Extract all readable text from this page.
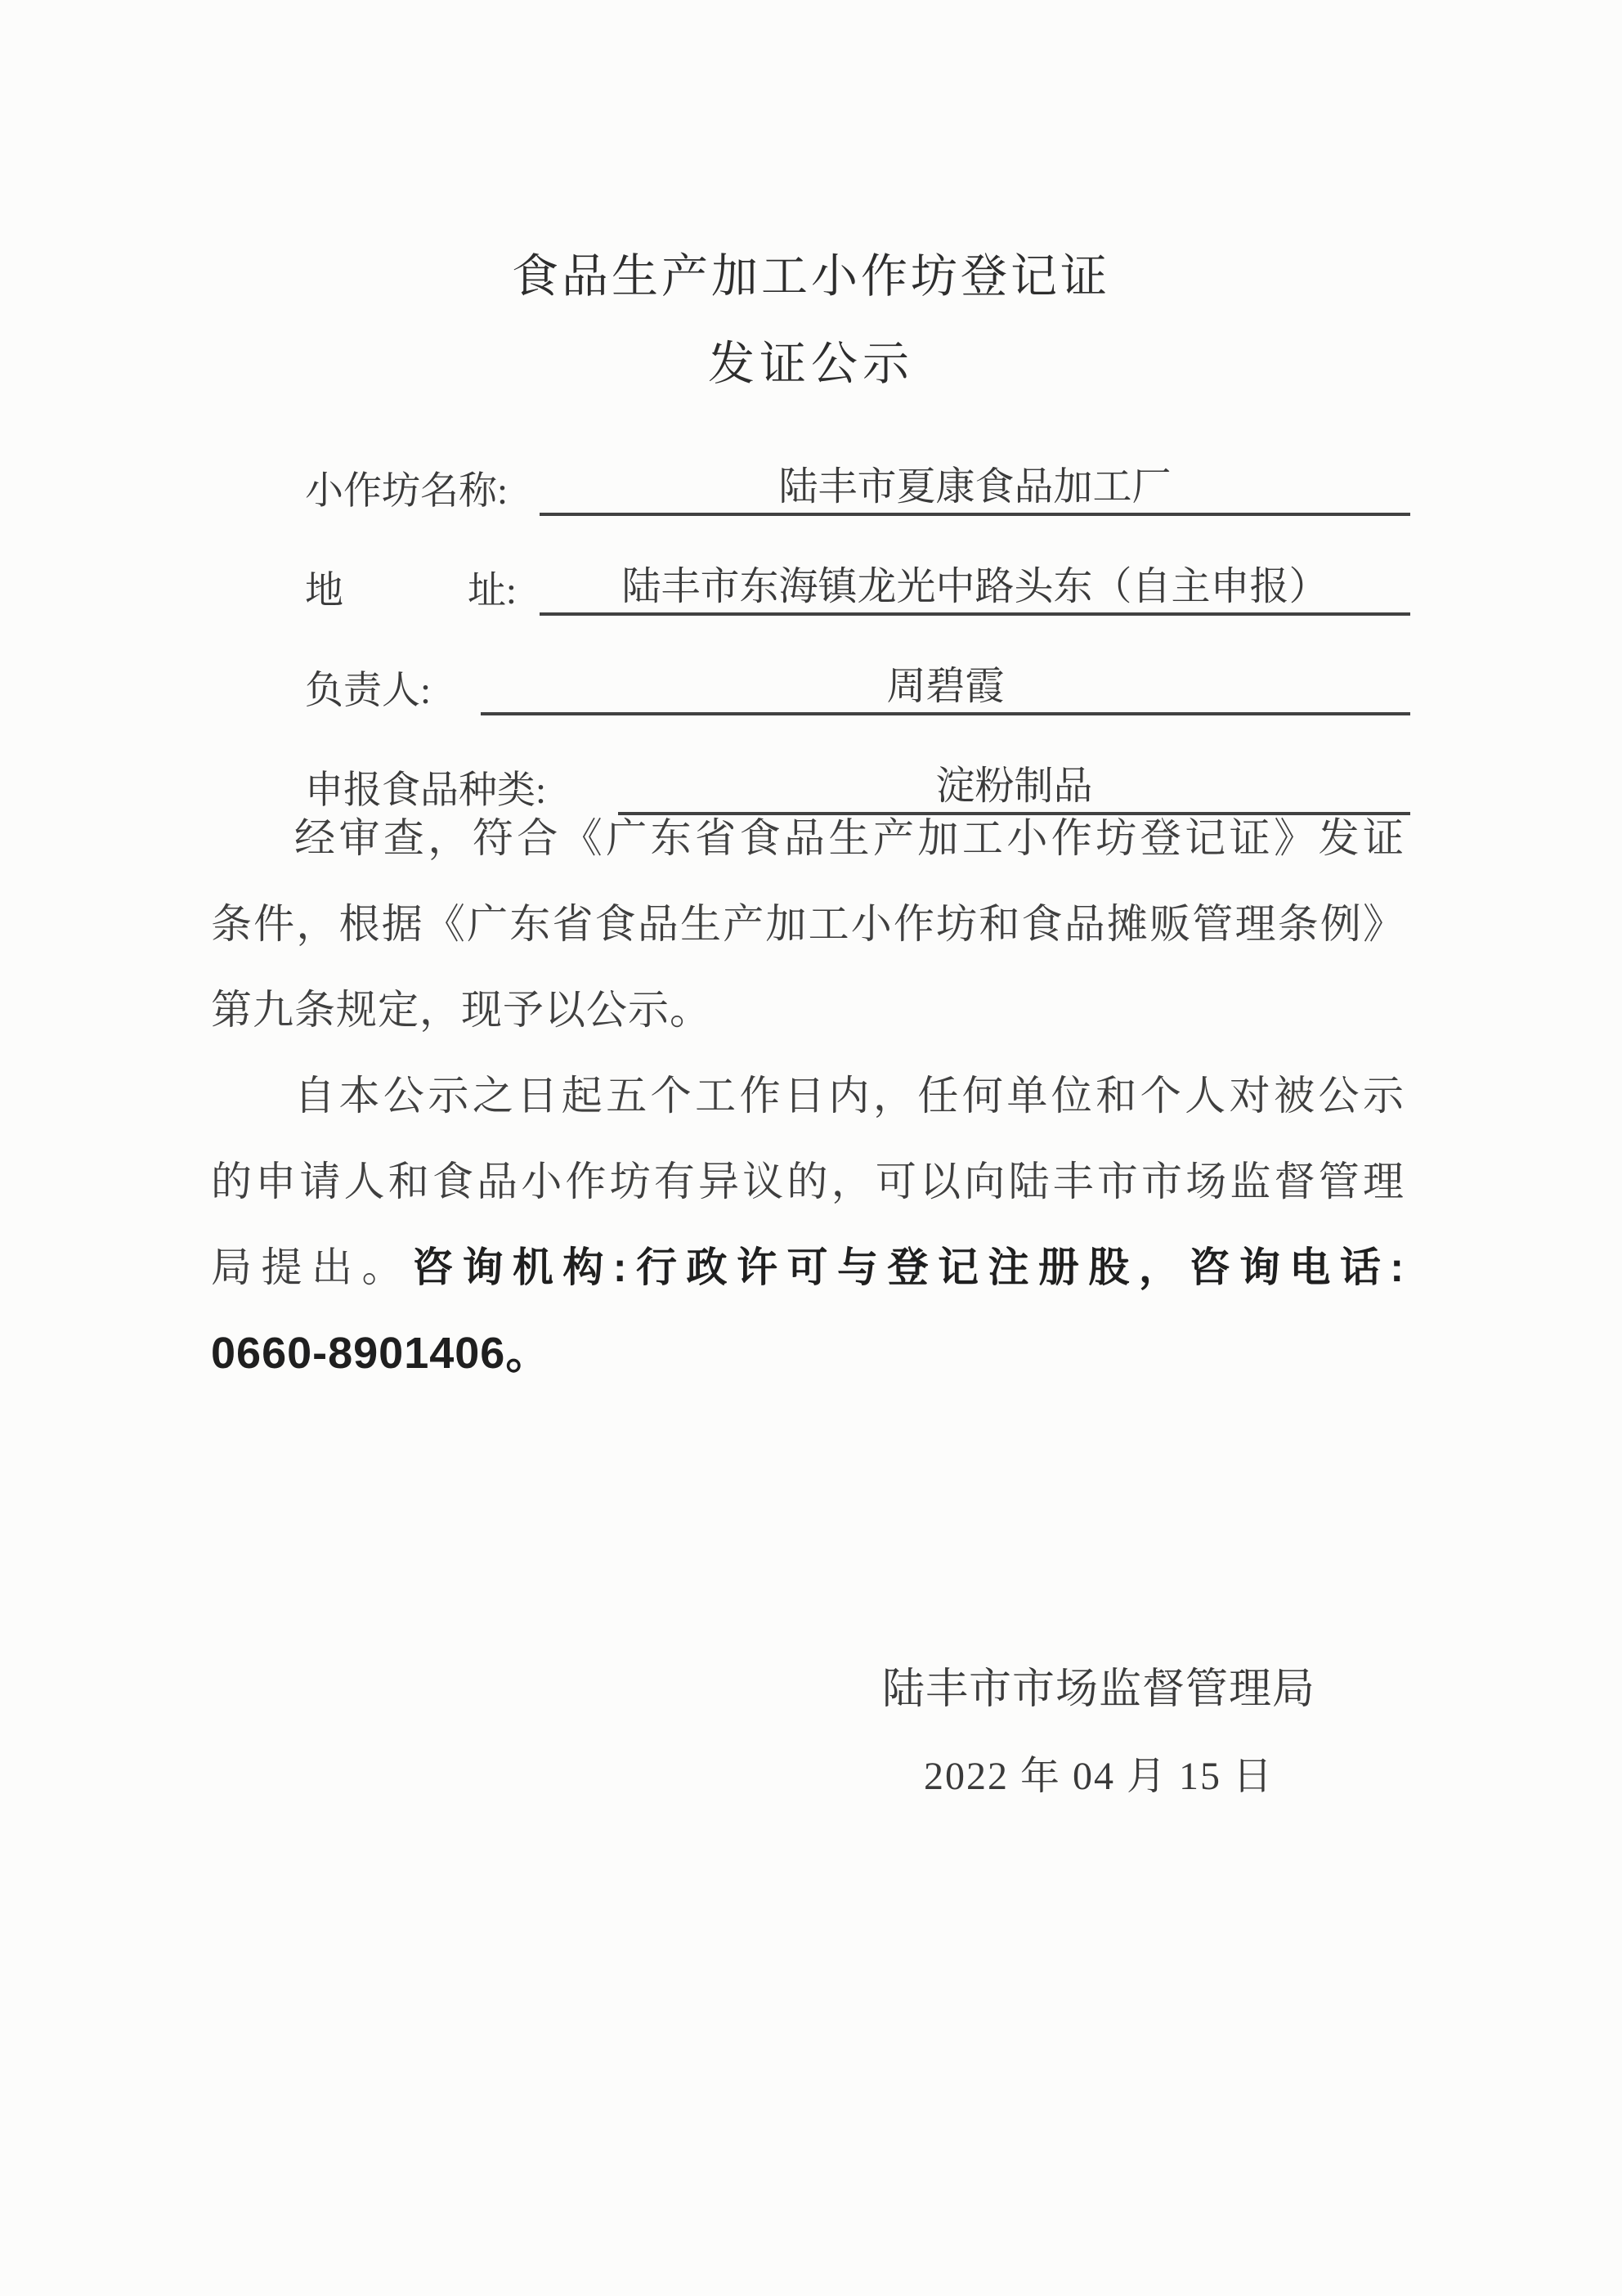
食品生产加工小作坊登记证
发证公示
小作坊名称:	陆丰市夏康食品加工厂
地	址:	陆丰市东海镇龙光中路头东（自主申报）
负责人:	周碧霞
申报食品种类:	淀粉制品
经审查，符合《广东省食品生产加工小作坊登记证》发证
条件，根据《广东省食品生产加工小作坊和食品摊贩管理条例》
第九条规定，现予以公示。
自本公示之日起五个工作日内，任何单位和个人对被公示
的申请人和食品小作坊有异议的，可以向陆丰市市场监督管理
局提出。咨询机构:行政许可与登记注册股，咨询电话:
0660-8901406。
陆丰市市场监督管理局
2022 年 04 月 15 日
